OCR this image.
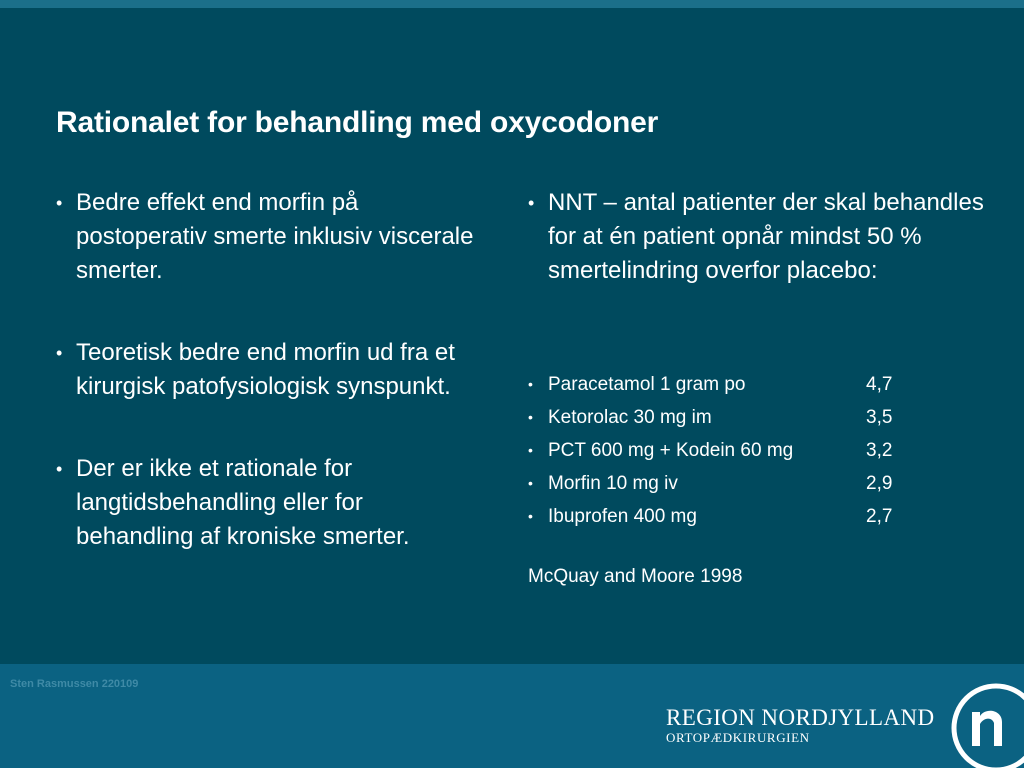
Rationalet for behandling med oxycodoner
• Bedre effekt end morfin på postoperativ smerte inklusiv viscerale smerter.
• Teoretisk bedre end morfin ud fra et kirurgisk patofysiologisk synspunkt.
• Der er ikke et rationale for langtidsbehandling eller for behandling af kroniske smerter.
• NNT – antal patienter der skal behandles for at én patient opnår mindst 50 % smertelindring overfor placebo:
• Paracetamol 1 gram po	4,7
• Ketorolac 30 mg im	3,5
• PCT 600 mg + Kodein 60 mg	3,2
• Morfin 10 mg iv	2,9
• Ibuprofen 400 mg	2,7

McQuay and Moore 1998

Sten Rasmussen 220109
REGION NORDJYLLAND
ORTOPÆDKIRURGIEN
